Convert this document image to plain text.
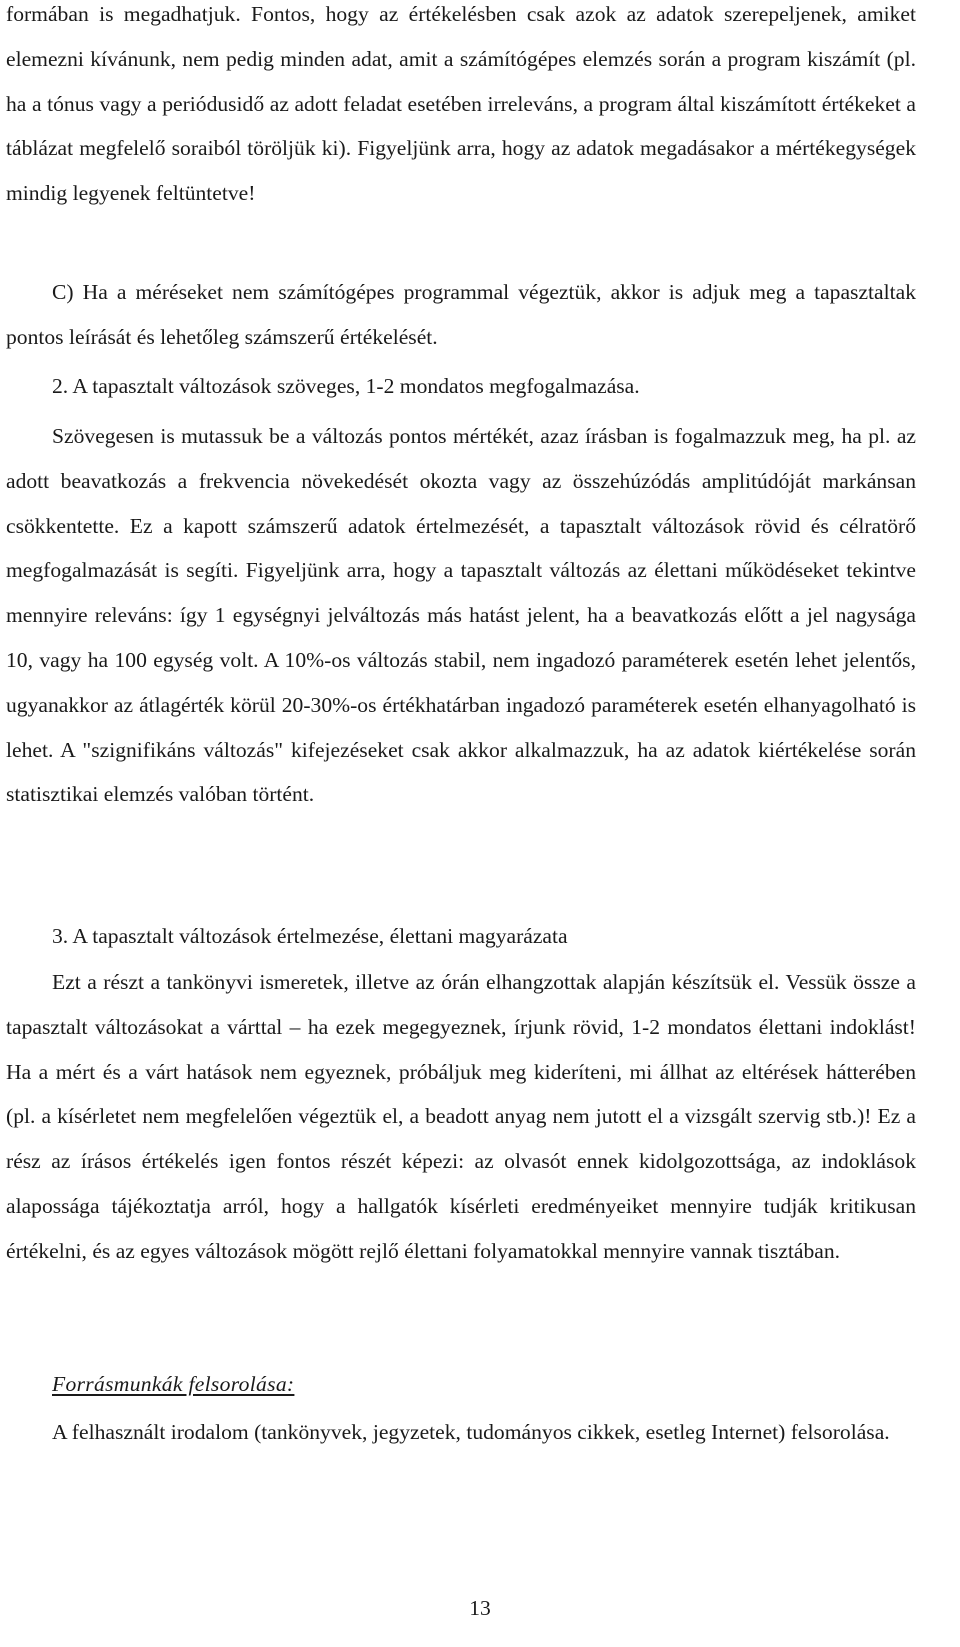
formában is megadhatjuk. Fontos, hogy az értékelésben csak azok az adatok szerepeljenek, amiket elemezni kívánunk, nem pedig minden adat, amit a számítógépes elemzés során a program kiszámít (pl. ha a tónus vagy a periódusidő az adott feladat esetében irreleváns, a program által kiszámított értékeket a táblázat megfelelő soraiból töröljük ki). Figyeljünk arra, hogy az adatok megadásakor a mértékegységek mindig legyenek feltüntetve!

C) Ha a méréseket nem számítógépes programmal végeztük, akkor is adjuk meg a tapasztaltak pontos leírását és lehetőleg számszerű értékelését.

2. A tapasztalt változások szöveges, 1-2 mondatos megfogalmazása.

Szövegesen is mutassuk be a változás pontos mértékét, azaz írásban is fogalmazzuk meg, ha pl. az adott beavatkozás a frekvencia növekedését okozta vagy az összehúzódás amplitúdóját markánsan csökkentette. Ez a kapott számszerű adatok értelmezését, a tapasztalt változások rövid és célratörő megfogalmazását is segíti. Figyeljünk arra, hogy a tapasztalt változás az élettani működéseket tekintve mennyire releváns: így 1 egységnyi jelváltozás más hatást jelent, ha a beavatkozás előtt a jel nagysága 10, vagy ha 100 egység volt. A 10%-os változás stabil, nem ingadozó paraméterek esetén lehet jelentős, ugyanakkor az átlagérték körül 20-30%-os értékhatárban ingadozó paraméterek esetén elhanyagolható is lehet. A "szignifikáns változás" kifejezéseket csak akkor alkalmazzuk, ha az adatok kiértékelése során statisztikai elemzés valóban történt.

3. A tapasztalt változások értelmezése, élettani magyarázata

Ezt a részt a tankönyvi ismeretek, illetve az órán elhangzottak alapján készítsük el. Vessük össze a tapasztalt változásokat a várttal – ha ezek megegyeznek, írjunk rövid, 1-2 mondatos élettani indoklást! Ha a mért és a várt hatások nem egyeznek, próbáljuk meg kideríteni, mi állhat az eltérések hátterében (pl. a kísérletet nem megfelelően végeztük el, a beadott anyag nem jutott el a vizsgált szervig stb.)! Ez a rész az írásos értékelés igen fontos részét képezi: az olvasót ennek kidolgozottsága, az indoklások alapossága tájékoztatja arról, hogy a hallgatók kísérleti eredményeiket mennyire tudják kritikusan értékelni, és az egyes változások mögött rejlő élettani folyamatokkal mennyire vannak tisztában.

Forrásmunkák felsorolása:

A felhasznált irodalom (tankönyvek, jegyzetek, tudományos cikkek, esetleg Internet) felsorolása.

13
